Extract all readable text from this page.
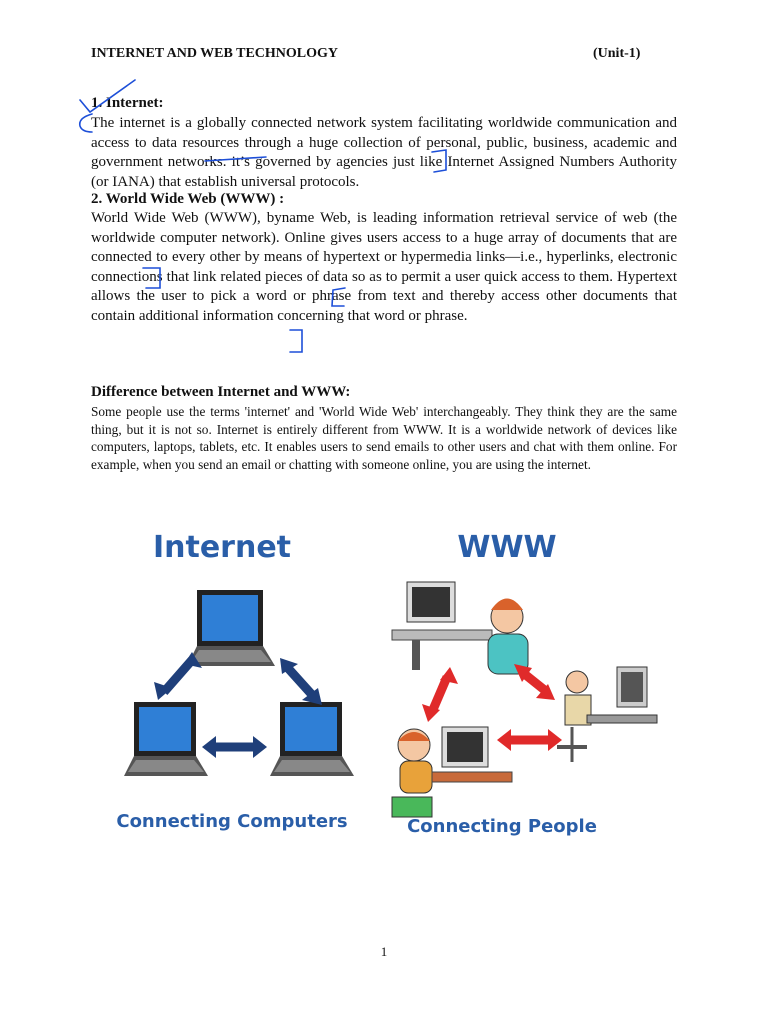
INTERNET AND WEB TECHNOLOGY	(Unit-1)
1. Internet:

The internet is a globally connected network system facilitating worldwide communication and access to data resources through a huge collection of personal, public, business, academic and government networks. it’s governed by agencies just like Internet Assigned Numbers Authority (or IANA) that establish universal protocols.

2. World Wide Web (WWW) :

World Wide Web (WWW), byname Web, is leading information retrieval service of web (the worldwide computer network). Online gives users access to a huge array of documents that are connected to every other by means of hypertext or hypermedia links—i.e., hyperlinks, electronic connections that link related pieces of data so as to permit a user quick access to them. Hypertext allows the user to pick a word or phrase from text and thereby access other documents that contain additional information concerning that word or phrase.

Difference between Internet and WWW:

Some people use the terms 'internet' and 'World Wide Web' interchangeably. They think they are the same thing, but it is not so. Internet is entirely different from WWW. It is a worldwide network of devices like computers, laptops, tablets, etc. It enables users to send emails to other users and chat with them online. For example, when you send an email or chatting with someone online, you are using the internet.

Internet	WWW
Connecting Computers	Connecting People
1
